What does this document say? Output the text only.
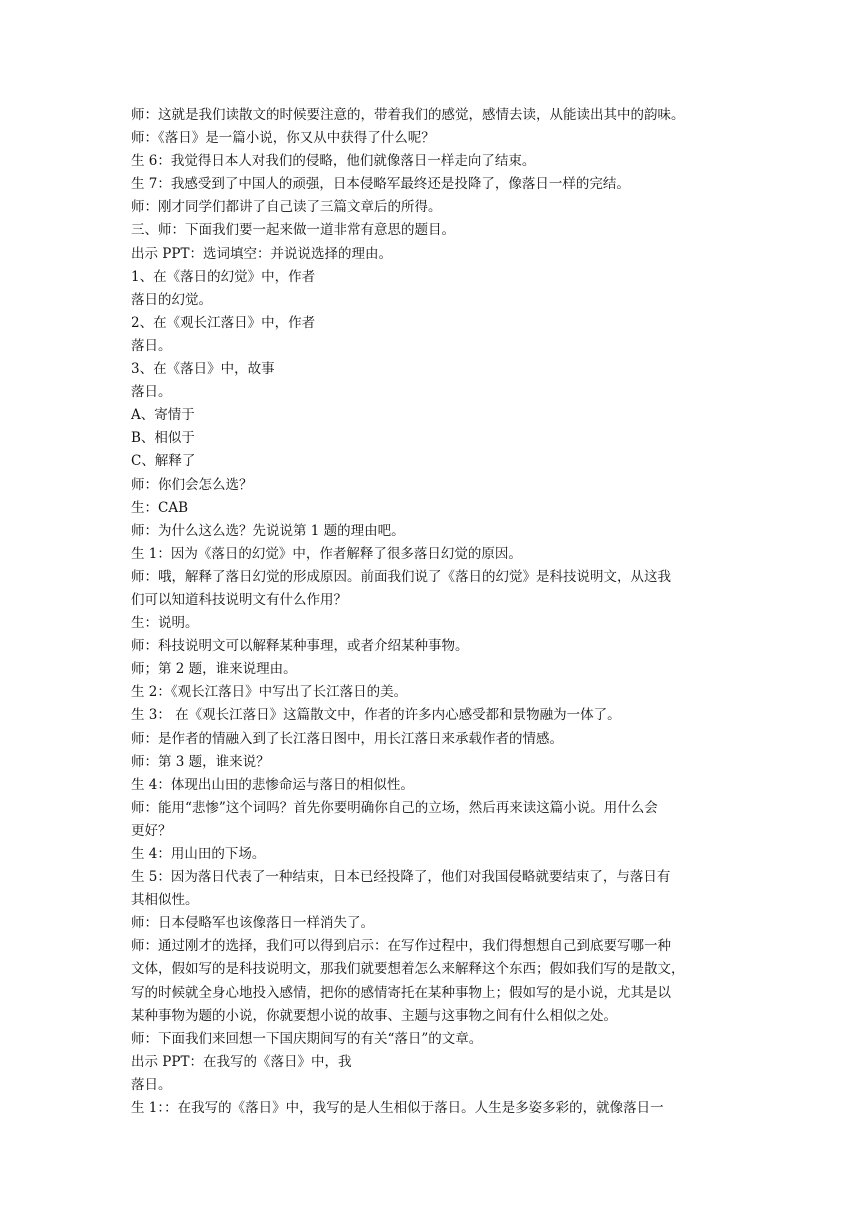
师：这就是我们读散文的时候要注意的，带着我们的感觉，感情去读，从能读出其中的韵味。
师：《落日》是一篇小说，你又从中获得了什么呢？
生 6：我觉得日本人对我们的侵略，他们就像落日一样走向了结束。
生 7：我感受到了中国人的顽强，日本侵略军最终还是投降了，像落日一样的完结。
师：刚才同学们都讲了自己读了三篇文章后的所得。
三、师：下面我们要一起来做一道非常有意思的题目。
出示 PPT：选词填空：并说说选择的理由。
1、在《落日的幻觉》中，作者
落日的幻觉。
2、在《观长江落日》中，作者
落日。
3、在《落日》中，故事
落日。
A、寄情于
B、相似于
C、解释了
师：你们会怎么选？
生：CAB
师：为什么这么选？先说说第 1 题的理由吧。
生 1：因为《落日的幻觉》中，作者解释了很多落日幻觉的原因。
师：哦，解释了落日幻觉的形成原因。前面我们说了《落日的幻觉》是科技说明文，从这我
们可以知道科技说明文有什么作用？
生：说明。
师：科技说明文可以解释某种事理，或者介绍某种事物。
师；第 2 题，谁来说理由。
生 2：《观长江落日》中写出了长江落日的美。
生 3： 在《观长江落日》这篇散文中，作者的许多内心感受都和景物融为一体了。
师：是作者的情融入到了长江落日图中，用长江落日来承载作者的情感。
师：第 3 题，谁来说？
生 4：体现出山田的悲惨命运与落日的相似性。
师：能用“悲惨”这个词吗？首先你要明确你自己的立场，然后再来读这篇小说。用什么会
更好？
生 4：用山田的下场。
生 5：因为落日代表了一种结束，日本已经投降了，他们对我国侵略就要结束了，与落日有
其相似性。
师：日本侵略军也该像落日一样消失了。
师：通过刚才的选择，我们可以得到启示：在写作过程中，我们得想想自己到底要写哪一种
文体，假如写的是科技说明文，那我们就要想着怎么来解释这个东西；假如我们写的是散文，
写的时候就全身心地投入感情，把你的感情寄托在某种事物上；假如写的是小说，尤其是以
某种事物为题的小说，你就要想小说的故事、主题与这事物之间有什么相似之处。
师：下面我们来回想一下国庆期间写的有关“落日”的文章。
出示 PPT：在我写的《落日》中，我
落日。
生 1：：在我写的《落日》中，我写的是人生相似于落日。人生是多姿多彩的，就像落日一
